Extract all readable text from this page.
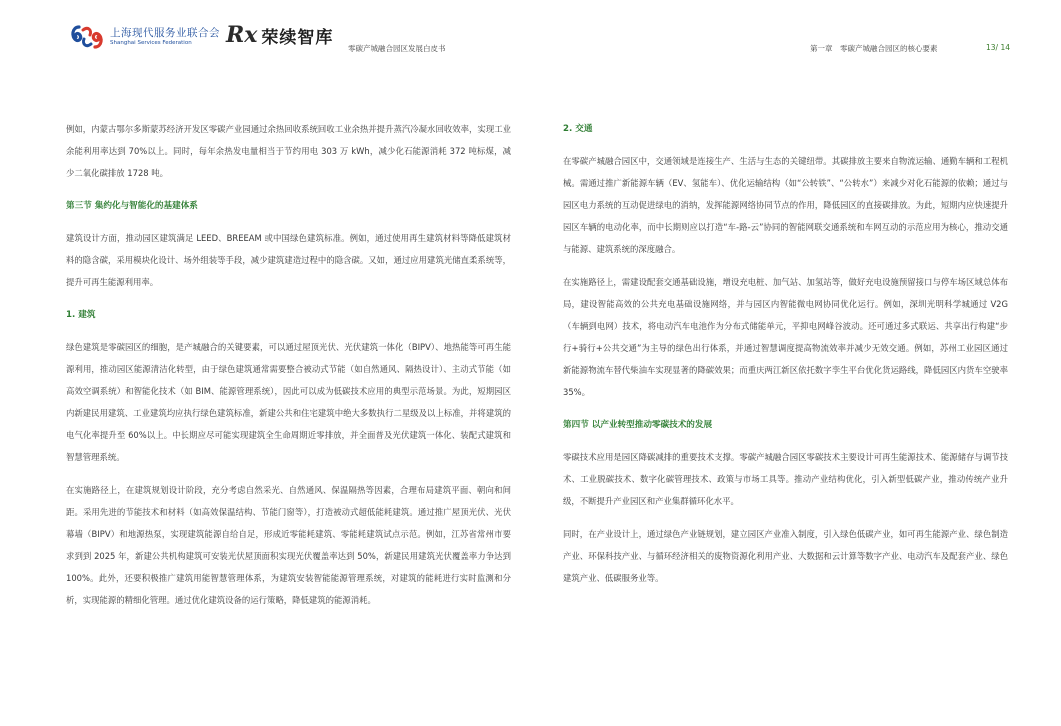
上海现代服务业联合会
Shanghai Services Federation	Rx 荣续智库
零碳产城融合园区发展白皮书	第一章　零碳产城融合园区的核心要素	13/ 14

例如，内蒙古鄂尔多斯蒙苏经济开发区零碳产业园通过余热回收系统回收工业余热并提升蒸汽冷凝水回收效率，实现工业余能利用率达到 70%以上。同时，每年余热发电量相当于节约用电 303 万 kWh，减少化石能源消耗 372 吨标煤，减少二氧化碳排放 1728 吨。

第三节 集约化与智能化的基建体系

建筑设计方面，推动园区建筑满足 LEED、BREEAM 或中国绿色建筑标准。例如，通过使用再生建筑材料等降低建筑材料的隐含碳，采用模块化设计、场外组装等手段，减少建筑建造过程中的隐含碳。又如，通过应用建筑光储直柔系统等，提升可再生能源利用率。

1. 建筑

绿色建筑是零碳园区的细胞，是产城融合的关键要素，可以通过屋顶光伏、光伏建筑一体化（BIPV）、地热能等可再生能源利用，推动园区能源清洁化转型，由于绿色建筑通常需要整合被动式节能（如自然通风、隔热设计）、主动式节能（如高效空调系统）和智能化技术（如 BIM、能源管理系统），因此可以成为低碳技术应用的典型示范场景。为此，短期园区内新建民用建筑、工业建筑均应执行绿色建筑标准，新建公共和住宅建筑中绝大多数执行二星级及以上标准，并将建筑的电气化率提升至 60%以上。中长期应尽可能实现建筑全生命周期近零排放，并全面普及光伏建筑一体化、装配式建筑和智慧管理系统。

在实施路径上，在建筑规划设计阶段，充分考虑自然采光、自然通风、保温隔热等因素，合理布局建筑平面、朝向和间距。采用先进的节能技术和材料（如高效保温结构、节能门窗等），打造被动式超低能耗建筑。通过推广屋顶光伏、光伏幕墙（BIPV）和地源热泵，实现建筑能源自给自足，形成近零能耗建筑、零能耗建筑试点示范。例如，江苏省常州市要求到到 2025 年，新建公共机构建筑可安装光伏屋顶面积实现光伏覆盖率达到 50%，新建民用建筑光伏覆盖率力争达到 100%。此外，还要积极推广建筑用能智慧管理体系，为建筑安装智能能源管理系统，对建筑的能耗进行实时监测和分析，实现能源的精细化管理。通过优化建筑设备的运行策略，降低建筑的能源消耗。

2. 交通

在零碳产城融合园区中，交通领域是连接生产、生活与生态的关键纽带。其碳排放主要来自物流运输、通勤车辆和工程机械。需通过推广新能源车辆（EV、氢能车）、优化运输结构（如“公转铁”、“公转水”）来减少对化石能源的依赖；通过与园区电力系统的互动促进绿电的消纳，发挥能源网络协同节点的作用，降低园区的直接碳排放。为此，短期内应快速提升园区车辆的电动化率，而中长期则应以打造“车-路-云”协同的智能网联交通系统和车网互动的示范应用为核心，推动交通与能源、建筑系统的深度融合。

在实施路径上，需建设配套交通基础设施，增设充电桩、加气站、加氢站等，做好充电设施预留接口与停车场区域总体布局，建设智能高效的公共充电基础设施网络，并与园区内智能微电网协同优化运行。例如，深圳光明科学城通过 V2G（车辆到电网）技术，将电动汽车电池作为分布式储能单元，平抑电网峰谷波动。还可通过多式联运、共享出行构建“步行+骑行+公共交通”为主导的绿色出行体系，并通过智慧调度提高物流效率并减少无效交通。例如，苏州工业园区通过新能源物流车替代柴油车实现显著的降碳效果；而重庆两江新区依托数字孪生平台优化货运路线，降低园区内货车空驶率 35%。

第四节 以产业转型推动零碳技术的发展

零碳技术应用是园区降碳减排的重要技术支撑。零碳产城融合园区零碳技术主要设计可再生能源技术、能源储存与调节技术、工业脱碳技术、数字化碳管理技术、政策与市场工具等。推动产业结构优化，引入新型低碳产业，推动传统产业升级，不断提升产业园区和产业集群循环化水平。

同时，在产业设计上，通过绿色产业链规划，建立园区产业准入制度，引入绿色低碳产业，如可再生能源产业、绿色制造产业、环保科技产业、与循环经济相关的废物资源化利用产业、大数据和云计算等数字产业、电动汽车及配套产业、绿色建筑产业、低碳服务业等。
